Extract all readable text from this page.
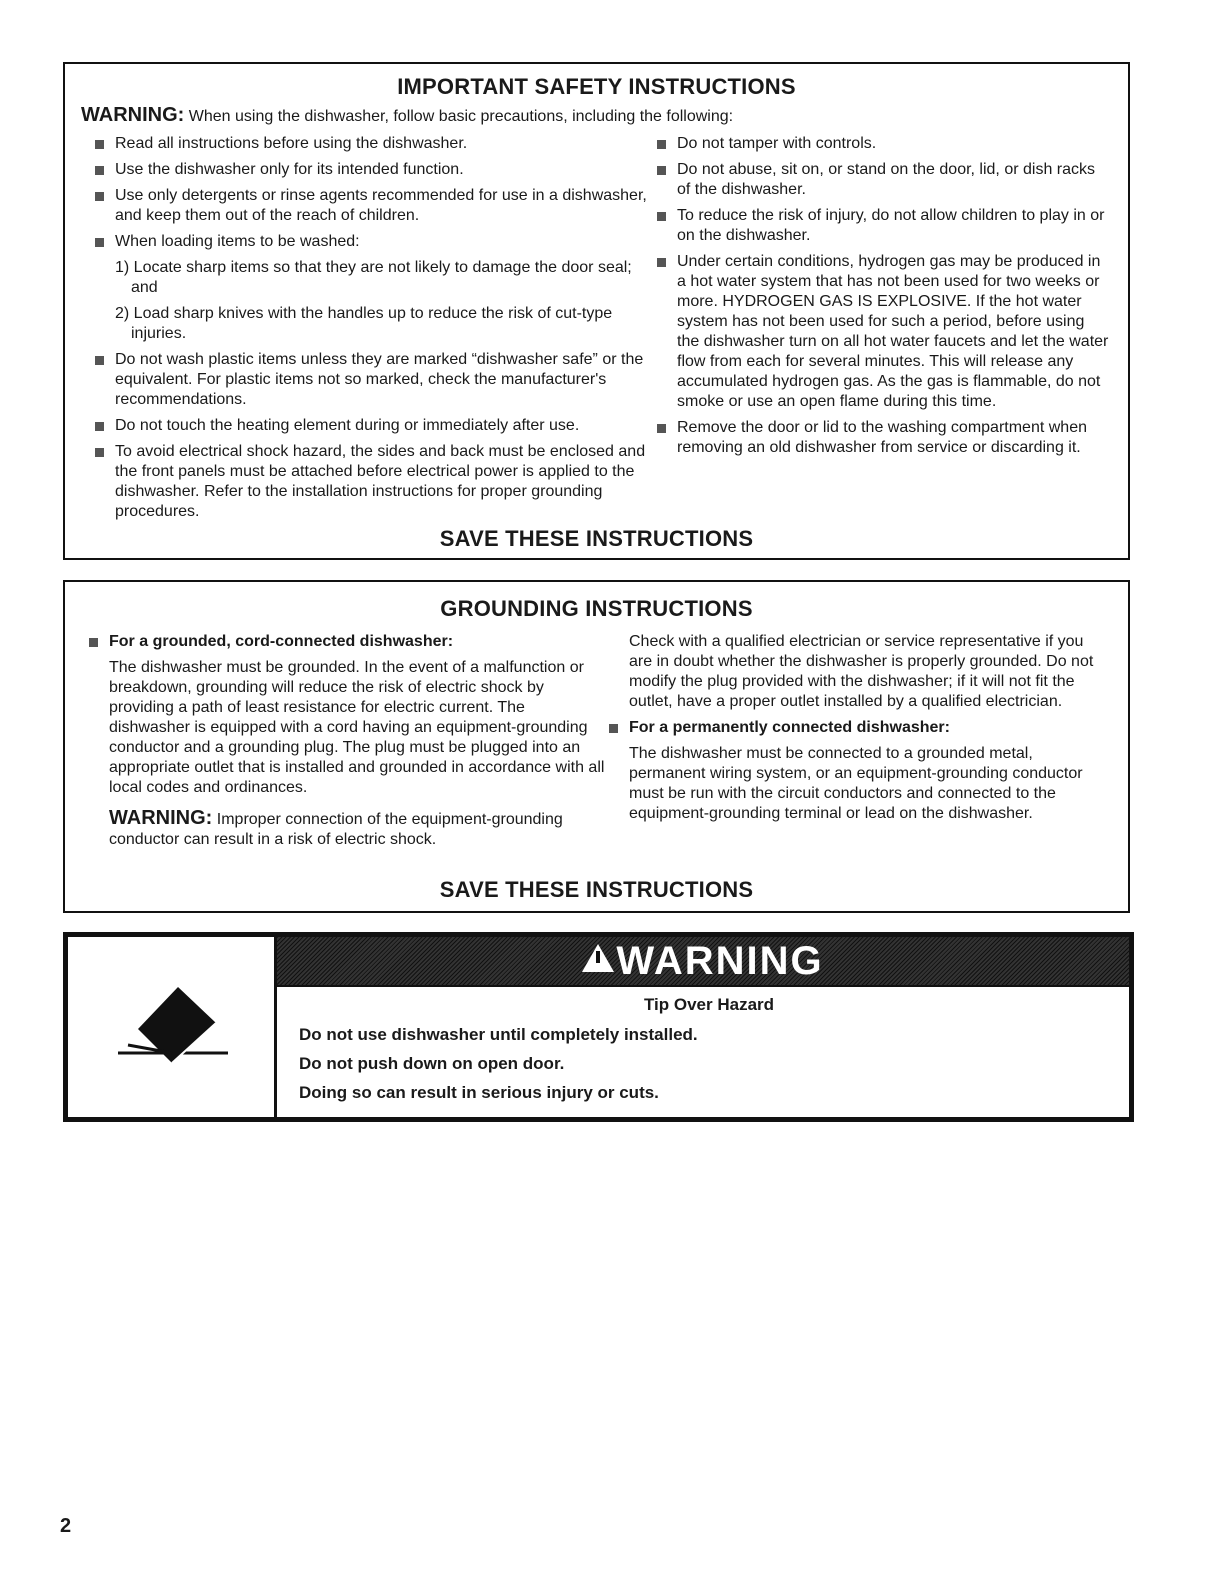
IMPORTANT SAFETY INSTRUCTIONS
WARNING: When using the dishwasher, follow basic precautions, including the following:
Read all instructions before using the dishwasher.
Use the dishwasher only for its intended function.
Use only detergents or rinse agents recommended for use in a dishwasher, and keep them out of the reach of children.
When loading items to be washed:
1) Locate sharp items so that they are not likely to damage the door seal; and
2) Load sharp knives with the handles up to reduce the risk of cut-type injuries.
Do not wash plastic items unless they are marked “dishwasher safe” or the equivalent. For plastic items not so marked, check the manufacturer's recommendations.
Do not touch the heating element during or immediately after use.
To avoid electrical shock hazard, the sides and back must be enclosed and the front panels must be attached before electrical power is applied to the dishwasher. Refer to the installation instructions for proper grounding procedures.
Do not tamper with controls.
Do not abuse, sit on, or stand on the door, lid, or dish racks of the dishwasher.
To reduce the risk of injury, do not allow children to play in or on the dishwasher.
Under certain conditions, hydrogen gas may be produced in a hot water system that has not been used for two weeks or more. HYDROGEN GAS IS EXPLOSIVE. If the hot water system has not been used for such a period, before using the dishwasher turn on all hot water faucets and let the water flow from each for several minutes. This will release any accumulated hydrogen gas. As the gas is flammable, do not smoke or use an open flame during this time.
Remove the door or lid to the washing compartment when removing an old dishwasher from service or discarding it.
SAVE THESE INSTRUCTIONS
GROUNDING INSTRUCTIONS
For a grounded, cord-connected dishwasher:
The dishwasher must be grounded. In the event of a malfunction or breakdown, grounding will reduce the risk of electric shock by providing a path of least resistance for electric current. The dishwasher is equipped with a cord having an equipment-grounding conductor and a grounding plug. The plug must be plugged into an appropriate outlet that is installed and grounded in accordance with all local codes and ordinances.
WARNING: Improper connection of the equipment-grounding conductor can result in a risk of electric shock.
Check with a qualified electrician or service representative if you are in doubt whether the dishwasher is properly grounded. Do not modify the plug provided with the dishwasher; if it will not fit the outlet, have a proper outlet installed by a qualified electrician.
For a permanently connected dishwasher:
The dishwasher must be connected to a grounded metal, permanent wiring system, or an equipment-grounding conductor must be run with the circuit conductors and connected to the equipment-grounding terminal or lead on the dishwasher.
SAVE THESE INSTRUCTIONS
WARNING
Tip Over Hazard
Do not use dishwasher until completely installed.
Do not push down on open door.
Doing so can result in serious injury or cuts.
2
